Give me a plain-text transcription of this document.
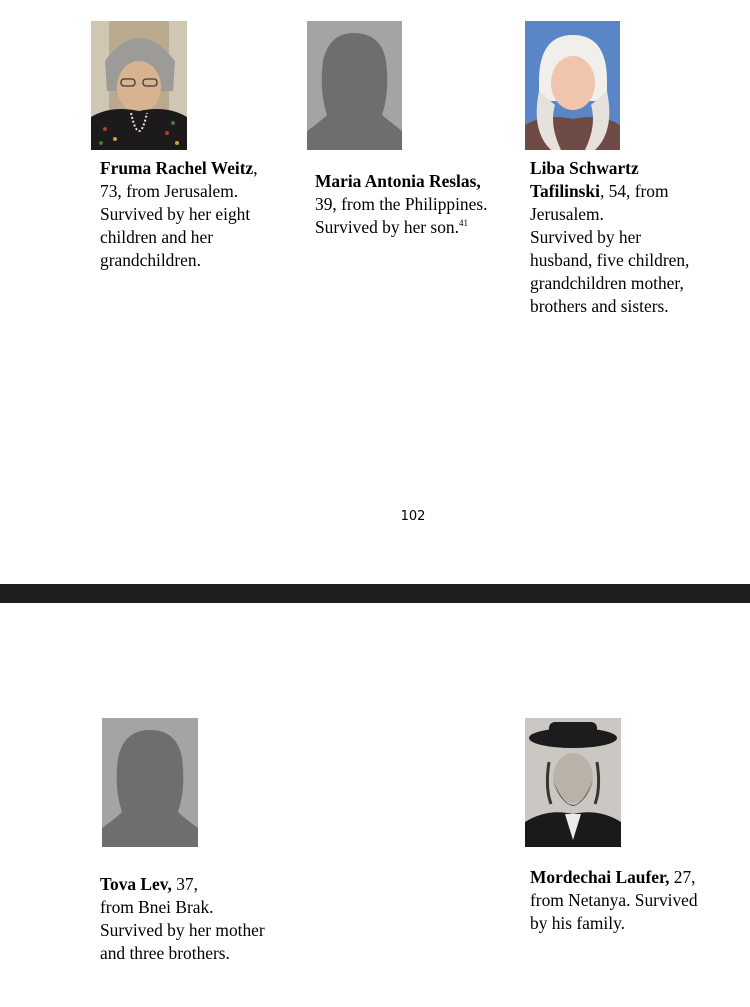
Fruma Rachel Weitz,
73, from Jerusalem.
Survived by her eight
children and her
grandchildren.
Maria Antonia Reslas,
39, from the Philippines.
Survived by her son.$^{41}$
Liba Schwartz
Tafilinski, 54, from
Jerusalem.
Survived by her
husband, five children,
grandchildren mother,
brothers and sisters.
102
Tova Lev, 37,
from Bnei Brak.
Survived by her mother
and three brothers.
Mordechai Laufer, 27,
from Netanya. Survived
by his family.
